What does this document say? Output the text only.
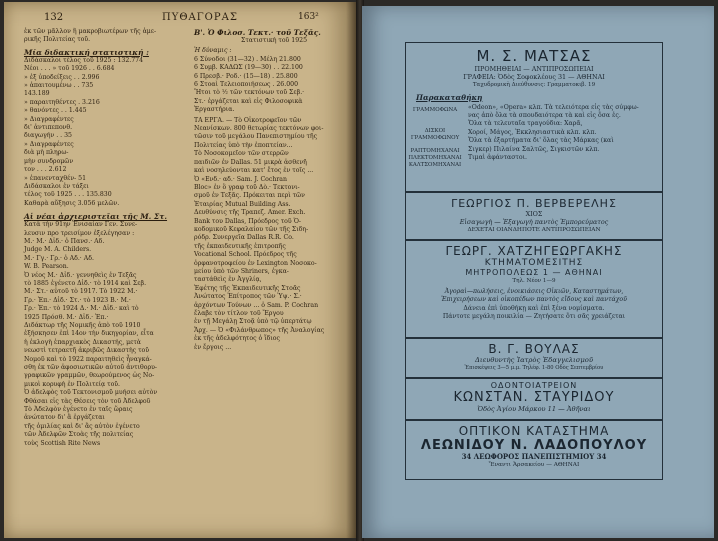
132	ΠΥΘΑΓΟΡΑΣ	163²
ἐκ τῶν μᾶλλον ἢ μακροβιωτέρων τῆς ἀμε-
ρικῆς Πολιτείας τοῦ.
Μία διδακτική στατιστική :
Διδάσκαλοι τέλος τοῦ 1925 : 132.774
Νέοι . . . » τοῦ 1926 . . 6.684
» ἐξ ὑποδείξεις . . 2.996
» ἀπαιτουμένω . . 735
143.189
» παραιτηθέντες . 3.216
» θανόντες . . 1.445
» Διαγραφέντες
δι' ἀντιπεπονθ.
διαγωγήν . . 35
» Διαγραφέντες
διὰ μὴ πληρω-
μὴν συνδρομῶν
τον . . . 2.612
» ἐπανενταχθέν- 51
Διδάσκαλοι ἐν τάξει
τέλος τοῦ 1925 . . . 135.830
Καθαρὰ αὔξησις 3.056 μελῶν.
Αἱ νέαι ἀρχιεριστεῖαι τῆς Μ. Στ.
Κατὰ τὴν 91ην Ἐνισαίαν Γεν. Συνε-
λευσιν προ τρεισίμον ἐξελέγησαν :
Μ.· Μ.· Δἰδ.· ὁ Πανσ.· Αδ.
Judge M. A. Childers.
Μ.· Γγ.· Γρ.· ὁ Αδ.· Αδ.
W. B. Pearson.
Ὁ νέος Μ.· Δἰδ.· γεννηθεὶς ἐν Τεξᾶς
τὸ 1885 ἐγένετο Δἰδ.· τὸ 1914 καὶ Σεβ.
Μ.· Στ.· αὐτοῦ τὸ 1917. Τὸ 1922 Μ.·
Γρ.· Ἐπ.· Δἰδ.· Στ.· τὸ 1923 Β.· Μ.·
Γρ.· Ἐπ.· τὸ 1924 Δ.· Μ.· Δἰδ.· καὶ τὸ
1925 Πρόσθ. Μ.· Δἰδ.· Ἐπ.·
Διδάκτωρ τῆς Νομικῆς ἀπὸ τοῦ 1910
ἐξήσκησεν ἐπὶ 14ον τὴν δικηγορίαν, εἶτα
ἡ ἐκλογὴ ἐπαρχιακὸς Δικαστής, μετὰ
νεωστὶ τετραετῆ ἀκριβῶς Δικαστὴς τοῦ
Νομοῦ καὶ τὸ 1922 παραιτηθεὶς ἦναγκά-
σθη ἐκ τῶν ἀφοσιωτικῶν αὐτοῦ ἀντιθορυ-
γραφικῶν γραμμῶν, θεωρούμενος ὡς Νο-
μικοὶ κορυφὴ ἐν Πολιτείᾳ τοῦ.
Ὁ ἀδελφὸς τοῦ Τεκτονισμοῦ μυήσει αὐτὸν
Φθάσαι εἰς τὰς Θέσεις τὸν τοῦ Ἀδελφοῦ
Τὸ Ἀδελφὸν ἐγένετο ἐν ταῖς ὥραις
ἀνώτατον δι' ἃ ἐργάζεται
τῆς ὁμιλίας καὶ δι' ἃς αὐτὸν ἐγένετο
τῶν Ἀδελφῶν Στοὰς τῆς πολιτείας
τοὺς Scottish Rite News
Β'. Ὁ Φιλοσ. Τεκτ.· τοῦ Τεξᾶς.
Στατιστικὴ τοῦ 1925
Ἡ δύναμις :
6 Σύνοδοι (31—32) . Μέλη 21.800
6 Συμβ. ΚΑΔΩΣ (19—30) . . 22.100
6 Πρεσβ.· Ροδ.· (15—18) . 25.800
6 Στοαὶ Τελειοποιήσεως . 26.000
Ἤτοι τὸ ½ τῶν τεκτόνων τοῦ Σεβ.·
Στ.· ἐργάζεται καὶ εἰς Φιλοσοφικὰ
Ἐργαστήρια.
ΤΑ ΕΡΓΑ. — Τὸ Οἰκοτροφεῖον τῶν
Νεανίσκων. 800 θετωρίας τεκτόνων φοι-
τῶσιν τοῦ μεγάλου Πανεπιστημίου τῆς
Πολιτείας ὑπὸ τὴν ἐποπτείαν...
Τὸ Νοσοκομεῖον τῶν στερρῶν
παιδιῶν ἐν Dallas. 51 μικρὰ ἀσθενῆ
καὶ νοσηλεύονται κατ' ἔτος ἐν τοῖς ...
Ὁ «Ενδ.· αδ.· Sam. J. Cochran
Bloc» ἐν ὃ γραφ τοῦ Δὸ.· Τεκτονι-
σμοῦ ἐν Τεξᾶς. Πρόκειται περὶ τῶν
Ἐταιρίας Mutual Building Ass.
Δευθύνσις τῆς Τραπεζ. Amer. Exch.
Bank του Dallas, Πρόεδρος τοῦ Ὁ-
κοδομικοῦ Κεφαλαίου τῶν τῆς Σιδη-
ρόδρ. Συνεργεῖα Dallas R.R. Co.
τῆς ἐκπαιδευτικῆς ἐπιτροπῆς
Vocational School. Πρόεδρος τῆς
ὀρφανοτροφείου ἐν Lexington Νοσοκο-
μείου ὑπὸ τῶν Shriners, ἐγκα-
ταστάθεὶς ἐν Ἀγγλίᾳ,
Ἐφέτης τῆς Ἐκπαιδευτικῆς Στοᾶς
Ἀνώτατος Ἐπίτροπος τῶν Ὑψ.· Σ.·
ἀρχόντων Τούνων ... ὁ Sam. P. Cochran
ἔλαβε τὸν τίτλον τοῦ Ἔργου
ἐν τῇ Μεγάλῃ Στοᾷ ὑπὸ τῷ ὑπερτάτῳ
Ἄρχ. — Ὁ «Φιλάνθρωπος» τῆς Ἀναλογίας
ἐκ τῆς ἀδελφότητος ὁ ἴδιος
ἐν ἔργοις ...
Μ. Σ. ΜΑΤΣΑΣ
ΠΡΟΜΗΘΕΙΑΙ — ΑΝΤΙΠΡΟΣΩΠΕΙΑΙ
ΓΡΑΦΕΙΑ: Ὁδὸς Σοφοκλέους 31 — ΑΘΗΝΑΙ
Ταχυδρομικὴ Διεύθυνσις: Γραμματοκιβ. 19
Παρακαταθήκη
ΓΡΑΜΜΟΦΩΝΑ
ΔΙΣΚΟΙ ΓΡΑΜΜΟΦΩΝΟΥ
ΡΑΠΤΟΜΗΧΑΝΑΙ ΠΛΕΚΤΟΜΗΧΑΝΑΙ ΚΑΛΤΣΟΜΗΧΑΝΑΙ
«Odeon», «Opera» κλπ. Τὰ τελειότερα εἰς τὰς σύμφω-
νας ἀπὸ ὅλα τὰ σπουδαιότερα τὰ καὶ εἰς ὅσα ἐς.
Ὅλα τὰ τελευταῖα τραγούδια: Χαρᾶ,
Χοροί, Μάγος, Ἐκκλησιαστικὰ κλπ. κλπ.
Ὅλα τὰ ἐξαρτήματα δι' ὅλας τὰς Μάρκας (καὶ
Σιγκερ) Πιλαίνα Σαλτῶς, Σιγκιστῶν κλπ.
Τιμαὶ ἀφάνταστοι.
ΓΕΩΡΓΙΟΣ Π. ΒΕΡΒΕΡΕΛΗΣ
ΧΙΟΣ
Εἰσαγωγὴ — Ἐξαγωγὴ παντὸς Ἐμπορεύματος
ΔΕΧΕΤΑΙ ΟΙΑΝΔΗΠΟΤΕ ΑΝΤΙΠΡΟΣΩΠΕΙΑΝ
ΓΕΩΡΓ. ΧΑΤΖΗΓΕΩΡΓΑΚΗΣ
ΚΤΗΜΑΤΟΜΕΣΙΤΗΣ
ΜΗΤΡΟΠΟΛΕΩΣ 1 — ΑΘΗΝΑΙ
Τηλ. Νέον 1—9
Ἀγοραὶ—πωλήσεις, ἐνοικιάσεις Οἰκιῶν, Καταστημάτων,
Ἐπιχειρήσεων καὶ οἰκοπέδων παντὸς εἴδους καὶ παντάχοῦ
Δάνεια ἐπὶ ὑποθήκῃ καὶ ἐπὶ ξένα νομίσματα.
Πάντοτε μεγάλη ποικιλία — Ζητήσατε ὅτι σᾶς χρειάζεται
Β. Γ. ΒΟΥΛΑΣ
Διευθυντὴς Ἰατρὸς Ἐδαγγελισμοῦ
Ἐπισκέψεις 3—5 μ.μ. Τηλέφ. 1-80 Οδὸς Σεπτεμβρίου
ΟΔΟΝΤΟΙΑΤΡΕΙΟΝ
ΚΩΝΣΤΑΝ. ΣΤΑΥΡΙΔΟΥ
Ὁδὸς Ἀγίου Μάρκου 11 — Ἀθῆναι
ΟΠΤΙΚΟΝ ΚΑΤΑΣΤΗΜΑ
ΛΕΩΝΙΔΟΥ Ν. ΛΑΔΟΠΟΥΛΟΥ
34 ΛΕΩΦΟΡΟΣ ΠΑΝΕΠΙΣΤΗΜΙΟΥ 34
Ἔναντι Ἀρσακείου — ΑΘΗΝΑΙ
